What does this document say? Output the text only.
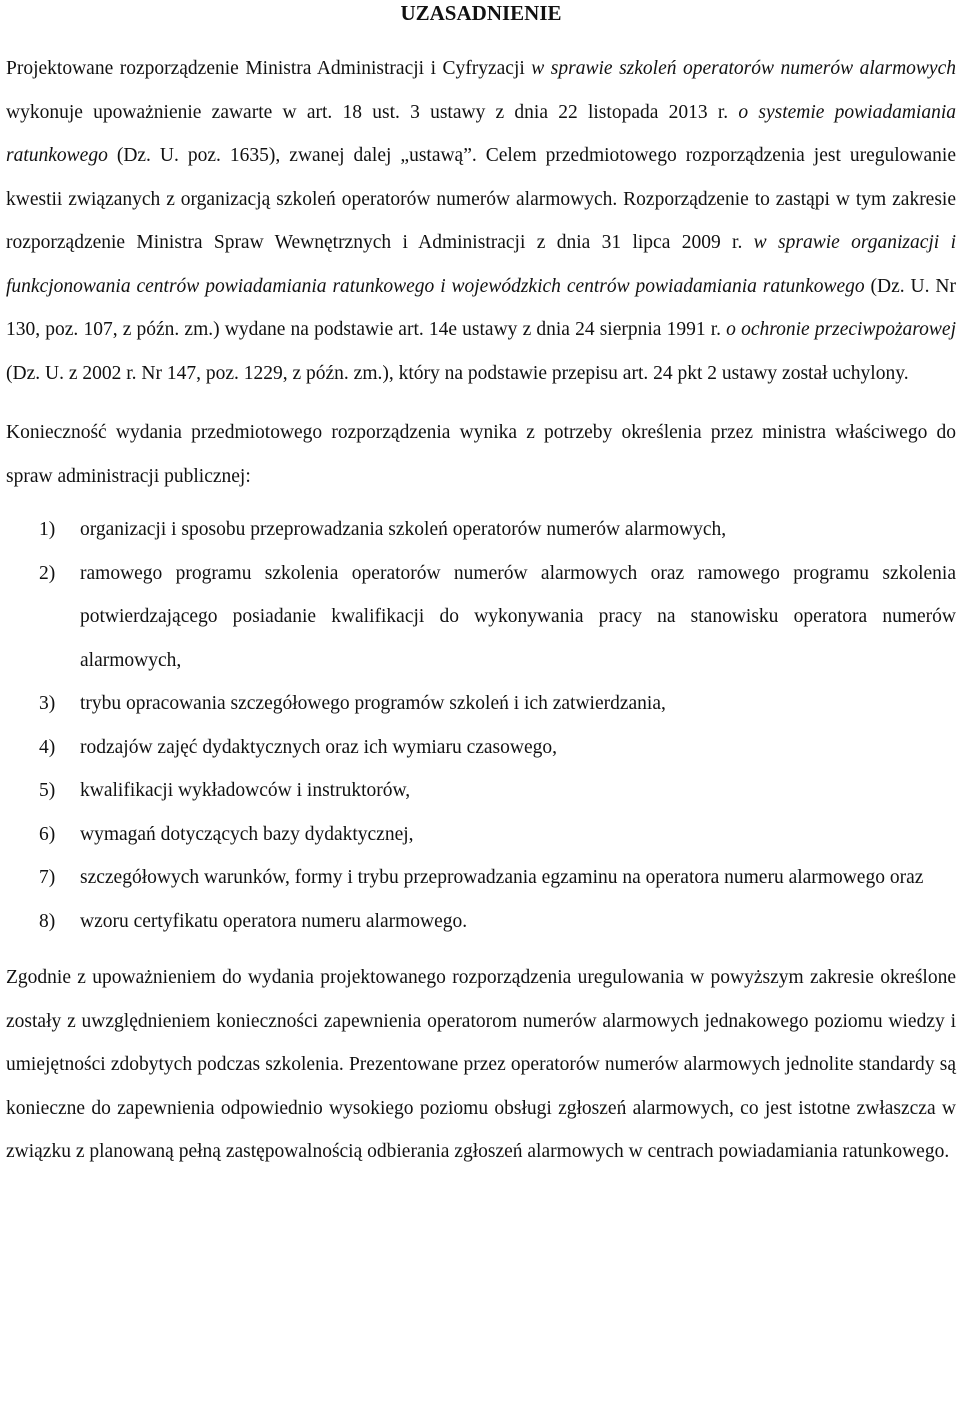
UZASADNIENIE

Projektowane rozporządzenie Ministra Administracji i Cyfryzacji w sprawie szkoleń operatorów numerów alarmowych wykonuje upoważnienie zawarte w art. 18 ust. 3 ustawy z dnia 22 listopada 2013 r. o systemie powiadamiania ratunkowego (Dz. U. poz. 1635), zwanej dalej „ustawą”. Celem przedmiotowego rozporządzenia jest uregulowanie kwestii związanych z organizacją szkoleń operatorów numerów alarmowych. Rozporządzenie to zastąpi w tym zakresie rozporządzenie Ministra Spraw Wewnętrznych i Administracji z dnia 31 lipca 2009 r. w sprawie organizacji i funkcjonowania centrów powiadamiania ratunkowego i wojewódzkich centrów powiadamiania ratunkowego (Dz. U. Nr 130, poz. 107, z późn. zm.) wydane na podstawie art. 14e ustawy z dnia 24 sierpnia 1991 r. o ochronie przeciwpożarowej (Dz. U. z 2002 r. Nr 147, poz. 1229, z późn. zm.), który na podstawie przepisu art. 24 pkt 2 ustawy został uchylony.

Konieczność wydania przedmiotowego rozporządzenia wynika z potrzeby określenia przez ministra właściwego do spraw administracji publicznej:

1)	organizacji i sposobu przeprowadzania szkoleń operatorów numerów alarmowych,
2)	ramowego programu szkolenia operatorów numerów alarmowych oraz ramowego programu szkolenia potwierdzającego posiadanie kwalifikacji do wykonywania pracy na stanowisku operatora numerów alarmowych,
3)	trybu opracowania szczegółowego programów szkoleń i ich zatwierdzania,
4)	rodzajów zajęć dydaktycznych oraz ich wymiaru czasowego,
5)	kwalifikacji wykładowców i instruktorów,
6)	wymagań dotyczących bazy dydaktycznej,
7)	szczegółowych warunków, formy i trybu przeprowadzania egzaminu na operatora numeru alarmowego oraz
8)	wzoru certyfikatu operatora numeru alarmowego.

Zgodnie z upoważnieniem do wydania projektowanego rozporządzenia uregulowania w powyższym zakresie określone zostały z uwzględnieniem konieczności zapewnienia operatorom numerów alarmowych jednakowego poziomu wiedzy i umiejętności zdobytych podczas szkolenia. Prezentowane przez operatorów numerów alarmowych jednolite standardy są konieczne do zapewnienia odpowiednio wysokiego poziomu obsługi zgłoszeń alarmowych, co jest istotne zwłaszcza w związku z planowaną pełną zastępowalnością odbierania zgłoszeń alarmowych w centrach powiadamiania ratunkowego.
